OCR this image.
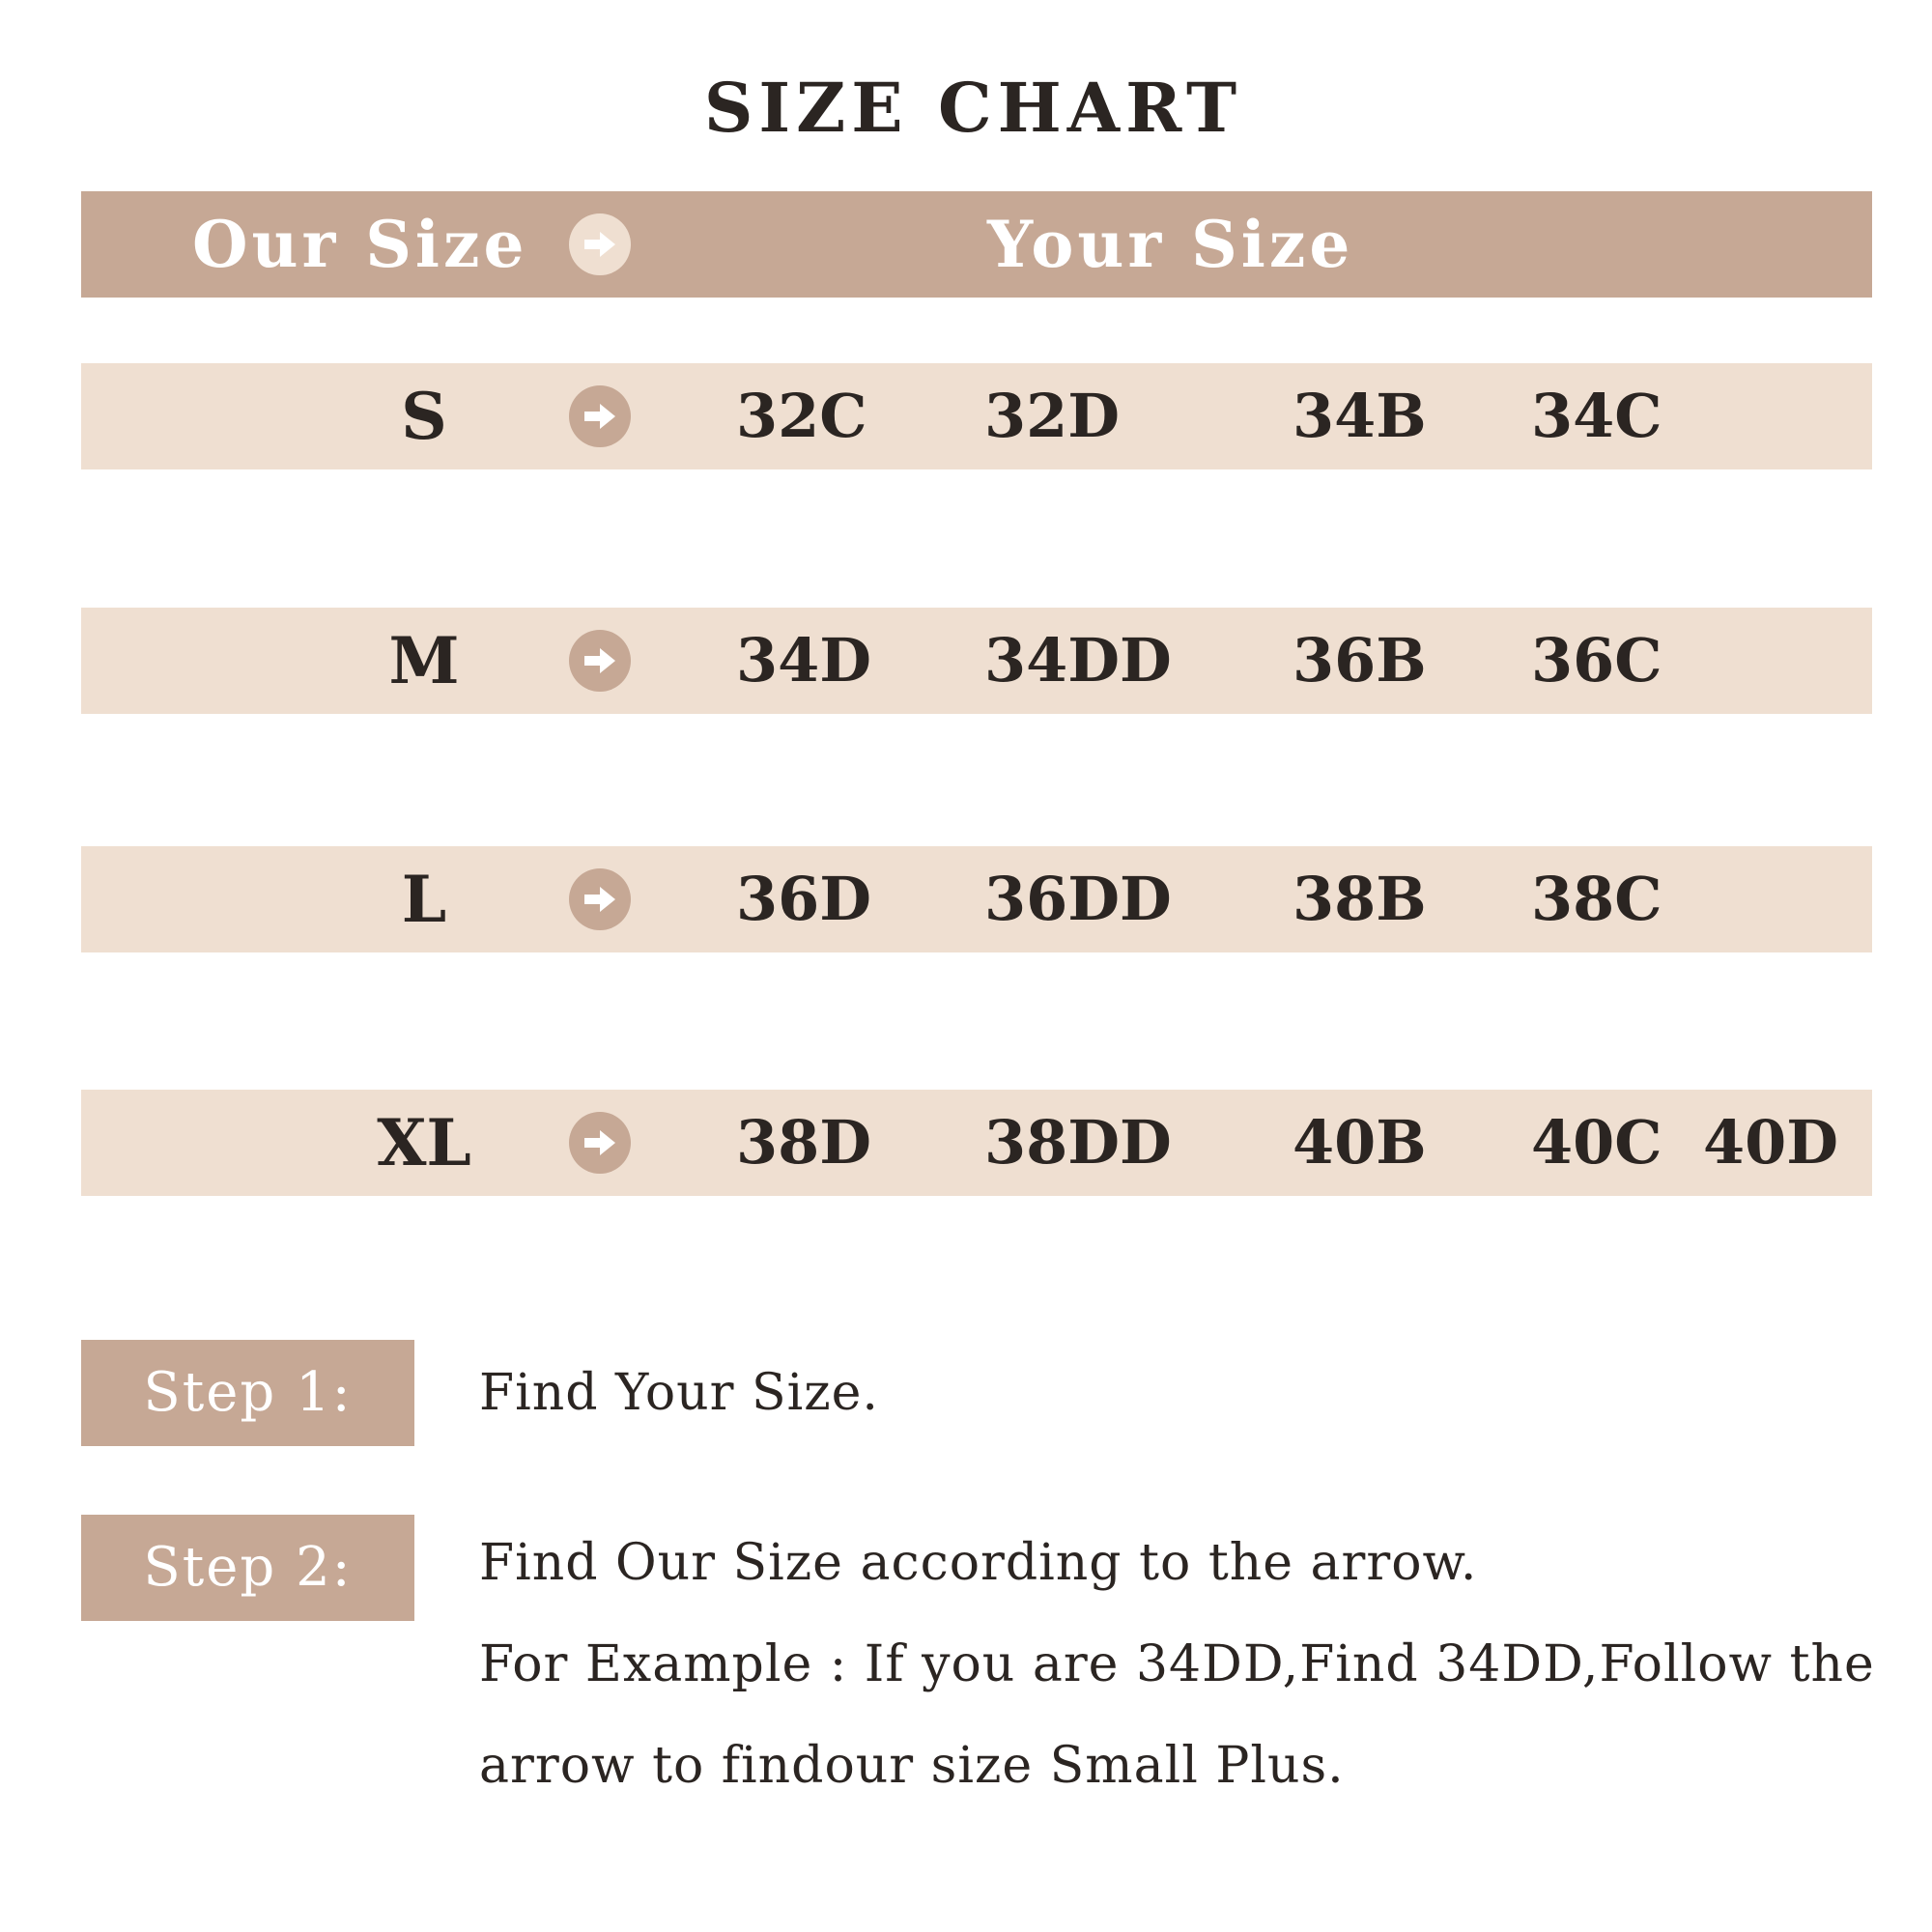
SIZE CHART
Our Size	Your Size
S	32C 32D	34B 34C
M	34D 34DD 36B 36C
L	36D 36DD 38B 38C
XL	38D 38DD 40B 40C 40D
Step 1:	Find Your Size.
Step 2:	Find Our Size according to the arrow.
For Example : If you are 34DD,Find 34DD,Follow the
arrow to findour size Small Plus.
